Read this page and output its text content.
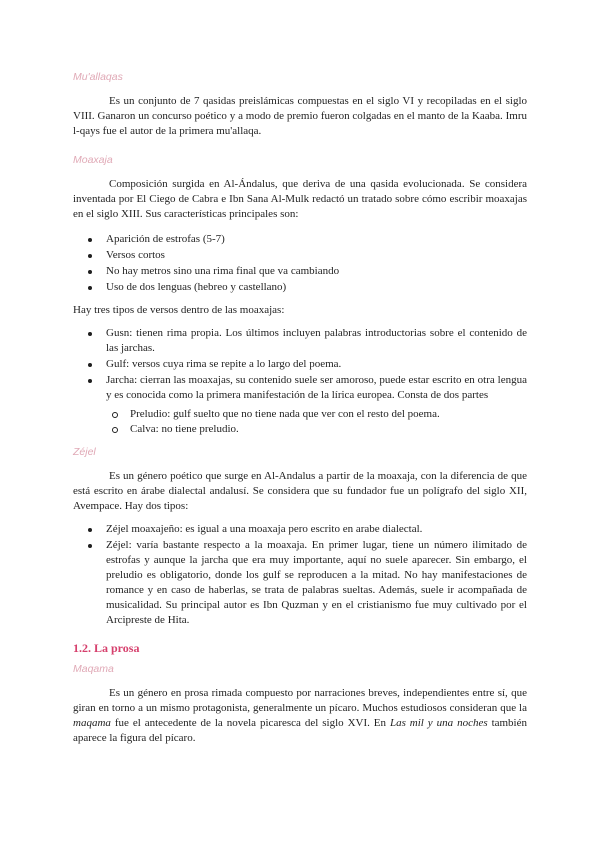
Mu'allaqas

Es un conjunto de 7 qasidas preislámicas compuestas en el siglo VI y recopiladas en el siglo VIII. Ganaron un concurso poético y a modo de premio fueron colgadas en el manto de la Kaaba. Imru l-qays fue el autor de la primera mu'allaqa.

Moaxaja

Composición surgida en Al-Ándalus, que deriva de una qasida evolucionada. Se considera inventada por El Ciego de Cabra e Ibn Sana Al-Mulk redactó un tratado sobre cómo escribir moaxajas en el siglo XIII. Sus características principales son:

Aparición de estrofas (5-7)
Versos cortos
No hay metros sino una rima final que va cambiando
Uso de dos lenguas (hebreo y castellano)

Hay tres tipos de versos dentro de las moaxajas:

Gusn: tienen rima propia. Los últimos incluyen palabras introductorias sobre el contenido de las jarchas.
Gulf: versos cuya rima se repite a lo largo del poema.
Jarcha: cierran las moaxajas, su contenido suele ser amoroso, puede estar escrito en otra lengua y es conocida como la primera manifestación de la lírica europea. Consta de dos partes
Preludio: gulf suelto que no tiene nada que ver con el resto del poema.
Calva: no tiene preludio.
Zéjel

Es un género poético que surge en Al-Andalus a partir de la moaxaja, con la diferencia de que está escrito en árabe dialectal andalusí. Se considera que su fundador fue un polígrafo del siglo XII, Avempace. Hay dos tipos:

Zéjel moaxajeño: es igual a una moaxaja pero escrito en arabe dialectal.
Zéjel: varía bastante respecto a la moaxaja. En primer lugar, tiene un número ilimitado de estrofas y aunque la jarcha que era muy importante, aquí no suele aparecer. Sin embargo, el preludio es obligatorio, donde los gulf se reproducen a la mitad. No hay manifestaciones de romance y en caso de haberlas, se trata de palabras sueltas. Además, suele ir acompañada de musicalidad. Su principal autor es Ibn Quzman y en el cristianismo fue muy cultivado por el Arcipreste de Hita.
1.2. La prosa
Maqama

Es un género en prosa rimada compuesto por narraciones breves, independientes entre sí, que giran en torno a un mismo protagonista, generalmente un pícaro. Muchos estudiosos consideran que la maqama fue el antecedente de la novela picaresca del siglo XVI. En Las mil y una noches también aparece la figura del pícaro.
